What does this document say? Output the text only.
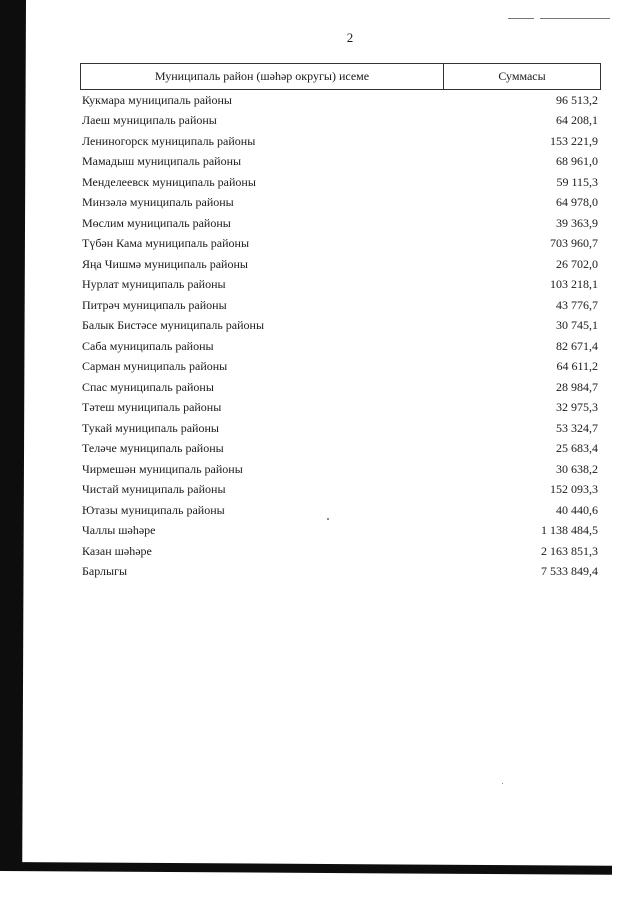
2
Муниципаль район (шәһәр округы) исеме	Суммасы
Кукмара муниципаль районы	96 513,2
Лаеш муниципаль районы	64 208,1
Лениногорск муниципаль районы	153 221,9
Мамадыш муниципаль районы	68 961,0
Менделеевск муниципаль районы	59 115,3
Минзәлә муниципаль районы	64 978,0
Мөслим муниципаль районы	39 363,9
Түбән Кама муниципаль районы	703 960,7
Яңа Чишмә муниципаль районы	26 702,0
Нурлат муниципаль районы	103 218,1
Питрәч муниципаль районы	43 776,7
Балык Бистәсе муниципаль районы	30 745,1
Саба муниципаль районы	82 671,4
Сарман муниципаль районы	64 611,2
Спас муниципаль районы	28 984,7
Тәтеш муниципаль районы	32 975,3
Тукай муниципаль районы	53 324,7
Теләче муниципаль районы	25 683,4
Чирмешән муниципаль районы	30 638,2
Чистай муниципаль районы	152 093,3
Ютазы муниципаль районы	40 440,6
Чаллы шәһәре	1 138 484,5
Казан шәһәре	2 163 851,3
Барлыгы	7 533 849,4
